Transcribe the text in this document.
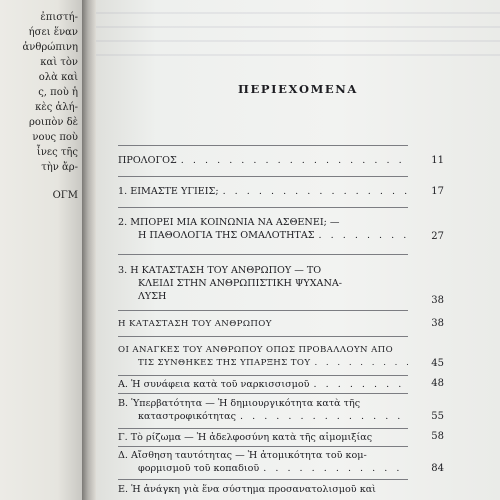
ἐπιστή-
ήσει ἕναν
ἀνθρώπινη
καὶ τὸν
ολὰ καὶ
ς, ποὺ ἡ
κὲς ἀλή-
ροιπὸν δὲ
νους ποὺ
ἶνες τῆς
τὴν ἄρ-
ΟΓΜ
ΠΕΡΙΕΧΟΜΕΝΑ
ΠΡΟΛΟΓΟΣ . . .	11
1. ΕΙΜΑΣΤΕ ΥΓΙΕΙΣ; . . .	17
2. ΜΠΟΡΕΙ ΜΙΑ ΚΟΙΝΩΝΙΑ ΝΑ ΑΣΘΕΝΕΙ; —
Η ΠΑΘΟΛΟΓΙΑ ΤΗΣ ΟΜΑΛΟΤΗΤΑΣ . . .	27
3. Η ΚΑΤΑΣΤΑΣΗ ΤΟΥ ΑΝΘΡΩΠΟΥ — ΤΟ
ΚΛΕΙΔΙ ΣΤΗΝ ΑΝΘΡΩΠΙΣΤΙΚΗ ΨΥΧΑΝΑ-
ΛΥΣΗ	38
Η ΚΑΤΑΣΤΑΣΗ ΤΟΥ ΑΝΘΡΩΠΟΥ	38
ΟΙ ΑΝΑΓΚΕΣ ΤΟΥ ΑΝΘΡΩΠΟΥ ΟΠΩΣ ΠΡΟΒΑΛΛΟΥΝ ΑΠΟ
ΤΙΣ ΣΥΝΘΗΚΕΣ ΤΗΣ ΥΠΑΡΞΗΣ ΤΟΥ . . .	45
Α. Ἡ συνάφεια κατὰ τοῦ ναρκισσισμοῦ . . .	48
Β. Ὑπερβατότητα — Ἡ δημιουργικότητα κατὰ τῆς
καταστροφικότητας . . .	55
Γ. Τὸ ρίζωμα — Ἡ ἀδελφοσύνη κατὰ τῆς αἱμομιξίας	58
Δ. Αἴσθηση ταυτότητας — Ἡ ἀτομικότητα τοῦ κομ-
φορμισμοῦ τοῦ κοπαδιοῦ . . .	84
Ε. Ἡ ἀνάγκη γιὰ ἕνα σύστημα προσανατολισμοῦ καὶ
